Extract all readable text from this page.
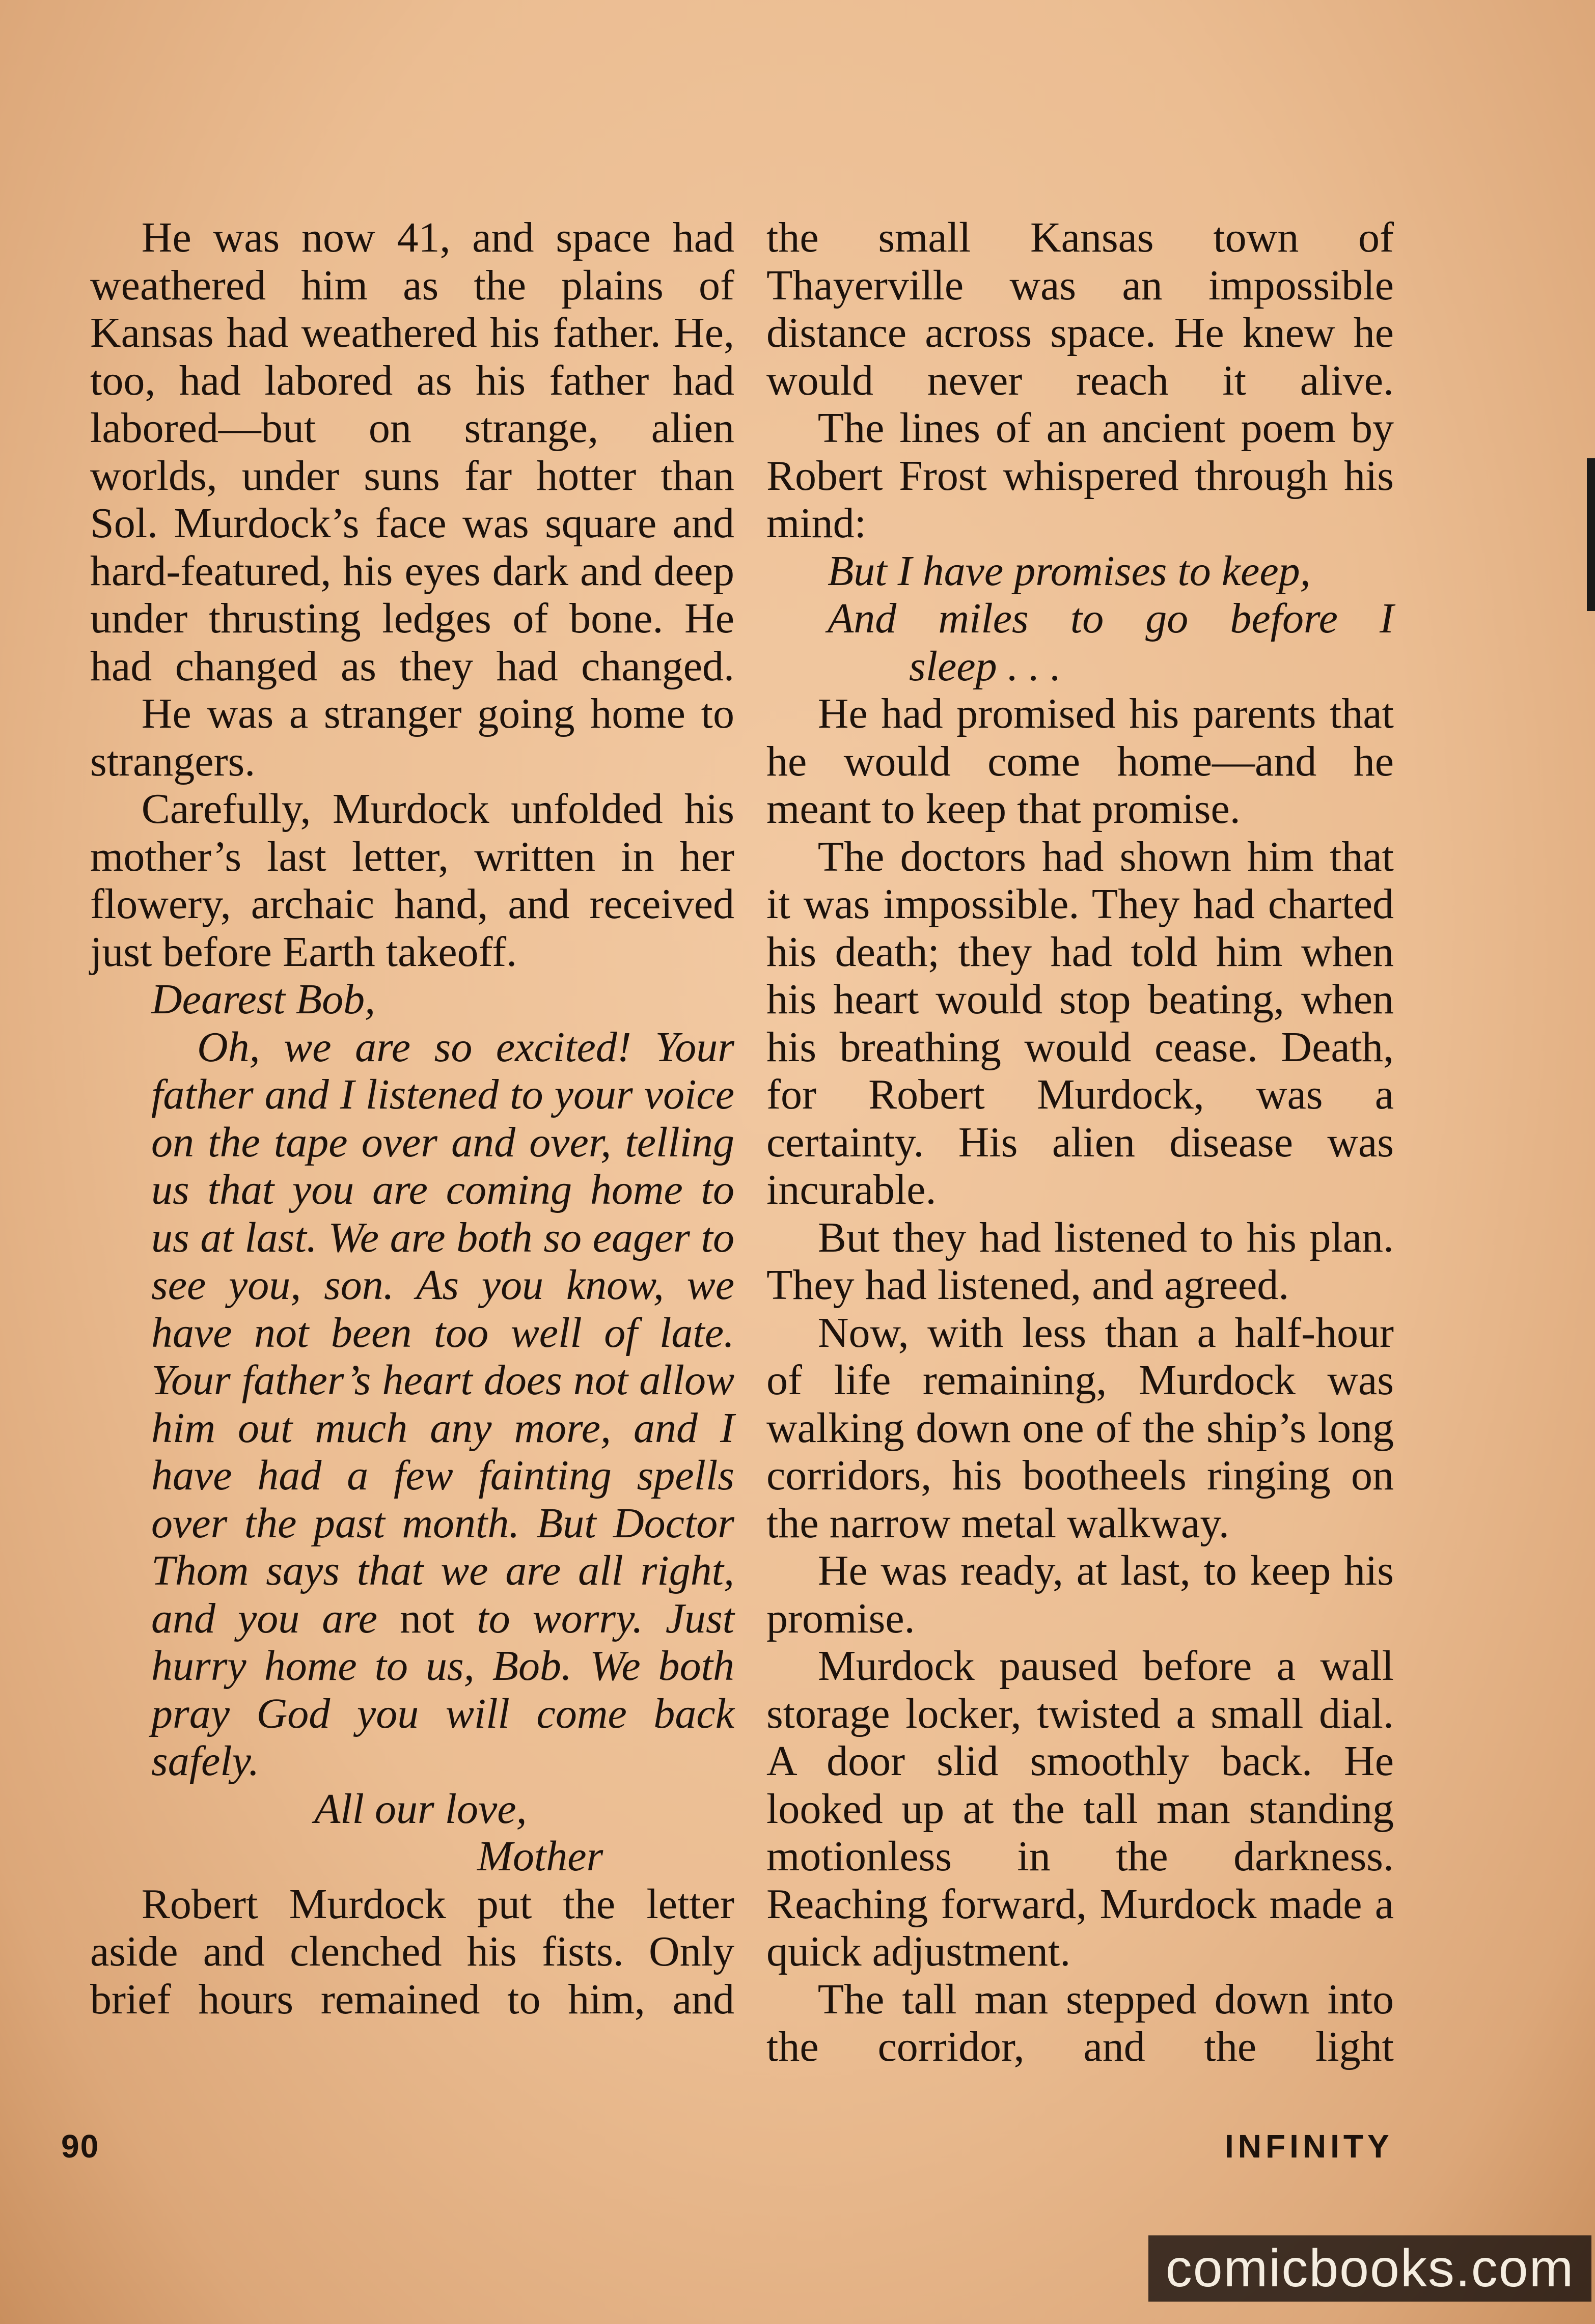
He was now 41, and space had weathered him as the plains of Kansas had weathered his father. He, too, had labored as his father had labored—but on strange, alien worlds, under suns far hotter than Sol. Murdock’s face was square and hard-featured, his eyes dark and deep under thrusting ledges of bone. He had changed as they had changed.

He was a stranger going home to strangers.

Carefully, Murdock unfolded his mother’s last letter, written in her flowery, archaic hand, and received just before Earth takeoff.

Dearest Bob,

Oh, we are so excited! Your father and I listened to your voice on the tape over and over, telling us that you are coming home to us at last. We are both so eager to see you, son. As you know, we have not been too well of late. Your father’s heart does not allow him out much any more, and I have had a few fainting spells over the past month. But Doctor Thom says that we are all right, and you are not to worry. Just hurry home to us, Bob. We both pray God you will come back safely.

All our love,

Mother

Robert Murdock put the letter aside and clenched his fists. Only brief hours remained to him, and

the small Kansas town of Thayerville was an impossible distance across space. He knew he would never reach it alive.

The lines of an ancient poem by Robert Frost whispered through his mind:

But I have promises to keep,

And miles to go before I

sleep . . .

He had promised his parents that he would come home—and he meant to keep that promise.

The doctors had shown him that it was impossible. They had charted his death; they had told him when his heart would stop beating, when his breathing would cease. Death, for Robert Murdock, was a certainty. His alien disease was incurable.

But they had listened to his plan. They had listened, and agreed.

Now, with less than a half-hour of life remaining, Murdock was walking down one of the ship’s long corridors, his bootheels ringing on the narrow metal walkway.

He was ready, at last, to keep his promise.

Murdock paused before a wall storage locker, twisted a small dial. A door slid smoothly back. He looked up at the tall man standing motionless in the darkness. Reaching forward, Murdock made a quick adjustment.

The tall man stepped down into the corridor, and the light

90	INFINITY
comicbooks.com
